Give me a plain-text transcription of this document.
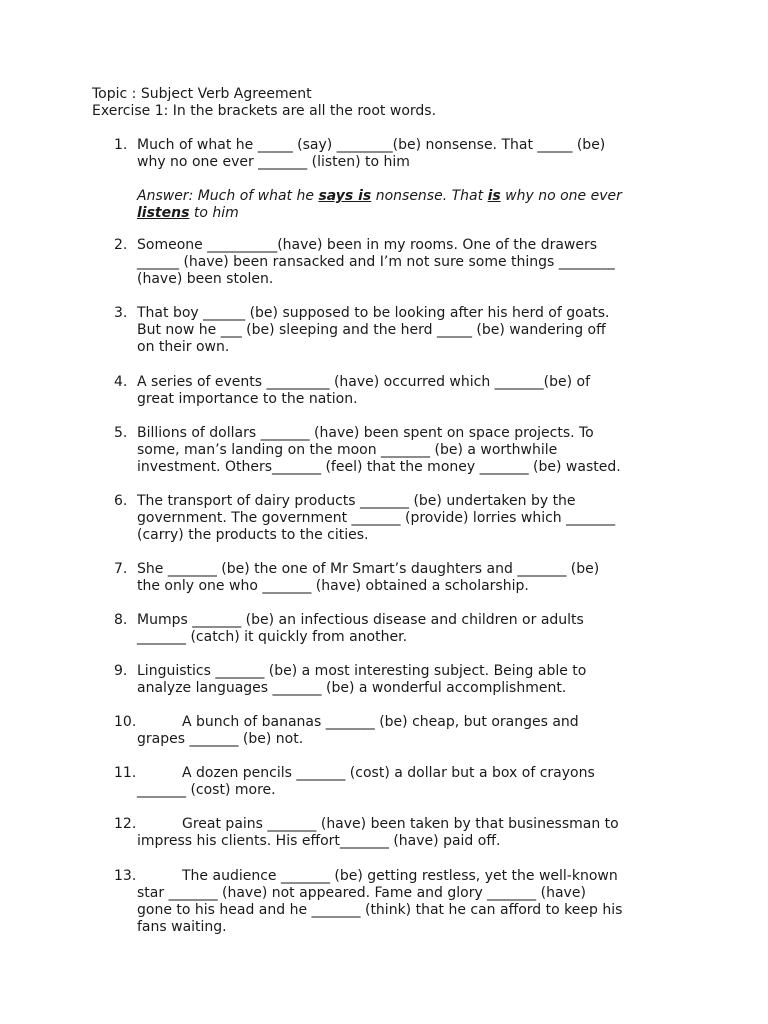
Topic : Subject Verb Agreement
Exercise 1: In the brackets are all the root words.
1. Much of what he _____ (say) ________(be) nonsense. That _____ (be)
why no one ever _______ (listen) to him
Answer: Much of what he says is nonsense. That is why no one ever
listens to him
2. Someone __________(have) been in my rooms. One of the drawers
______ (have) been ransacked and I’m not sure some things ________
(have) been stolen.
3. That boy ______ (be) supposed to be looking after his herd of goats.
But now he ___ (be) sleeping and the herd _____ (be) wandering off
on their own.
4. A series of events _________ (have) occurred which _______(be) of
great importance to the nation.
5. Billions of dollars _______ (have) been spent on space projects. To
some, man’s landing on the moon _______ (be) a worthwhile
investment. Others_______ (feel) that the money _______ (be) wasted.
6. The transport of dairy products _______ (be) undertaken by the
government. The government _______ (provide) lorries which _______
(carry) the products to the cities.
7. She _______ (be) the one of Mr Smart’s daughters and _______ (be)
the only one who _______ (have) obtained a scholarship.
8. Mumps _______ (be) an infectious disease and children or adults
_______ (catch) it quickly from another.
9. Linguistics _______ (be) a most interesting subject. Being able to
analyze languages _______ (be) a wonderful accomplishment.
10.	A bunch of bananas _______ (be) cheap, but oranges and
grapes _______ (be) not.
11.	A dozen pencils _______ (cost) a dollar but a box of crayons
_______ (cost) more.
12.	Great pains _______ (have) been taken by that businessman to
impress his clients. His effort_______ (have) paid off.
13.	The audience _______ (be) getting restless, yet the well-known
star _______ (have) not appeared. Fame and glory _______ (have)
gone to his head and he _______ (think) that he can afford to keep his
fans waiting.
